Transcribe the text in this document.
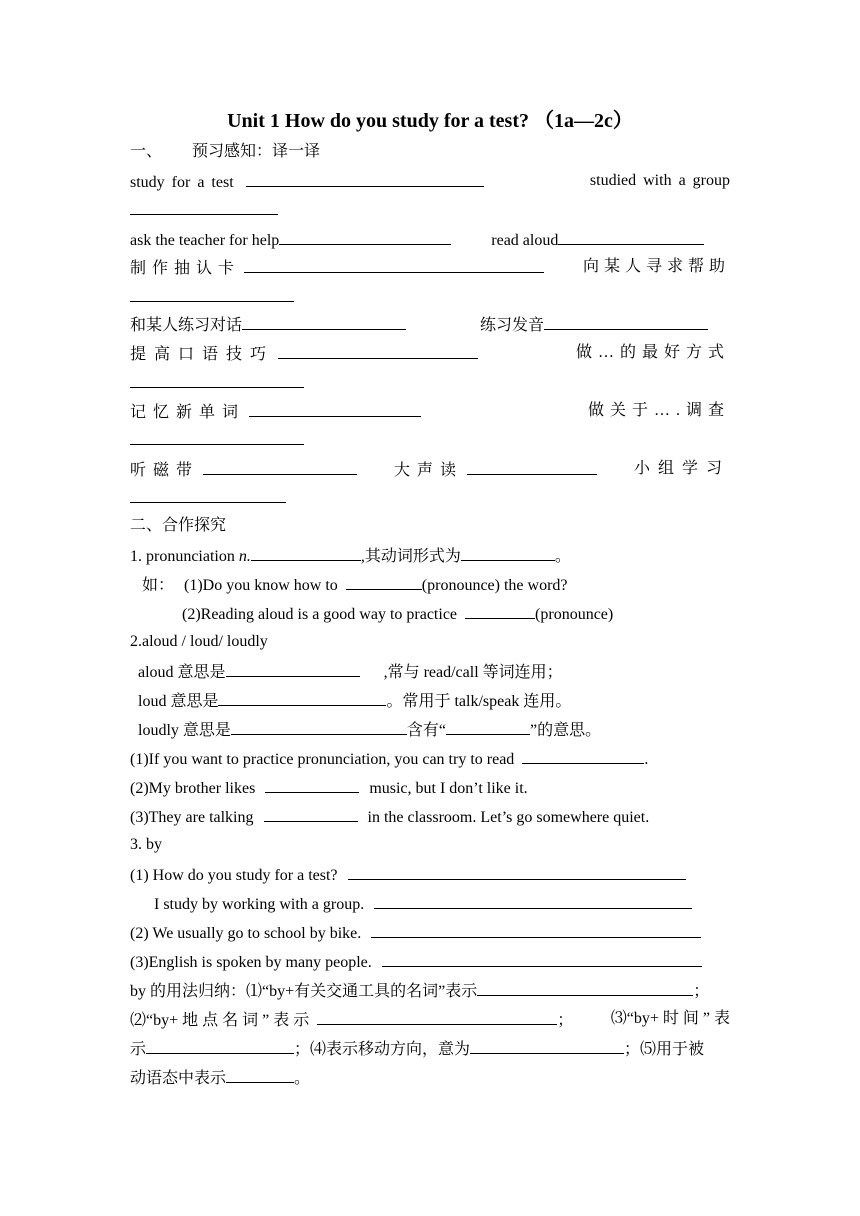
Unit 1 How do you study for a test? （1a—2c）
一、 预习感知：译一译
study for a test	studied with a group
ask the teacher for help	read aloud
制作抽认卡	向某人寻求帮助
和某人练习对话	练习发音
提高口语技巧	做…的最好方式
记忆新单词	做关于….调查
听磁带	大声读	小组学习
二、合作探究
1. pronunciation n.	,其动词形式为	。
如： (1)Do you know how to	(pronounce) the word?
(2)Reading aloud is a good way to practice	(pronounce)
2.aloud / loud/ loudly
aloud 意思是	,常与 read/call 等词连用；
loud 意思是	。常用于 talk/speak 连用。
loudly 意思是	含有“	”的意思。
(1)If you want to practice pronunciation, you can try to read	.
(2)My brother likes	music, but I don’t like it.
(3)They are talking	in the classroom. Let’s go somewhere quiet.
3. by
(1) How do you study for a test?
I study by working with a group.
(2) We usually go to school by bike.
(3)English is spoken by many people.
by 的用法归纳：⑴“by+有关交通工具的名词”表示	；
⑵“by+ 地 点 名 词 ” 表 示	； ⑶“by+ 时 间 ” 表
示	；⑷表示移动方向，意为	；⑸用于被
动语态中表示	。
